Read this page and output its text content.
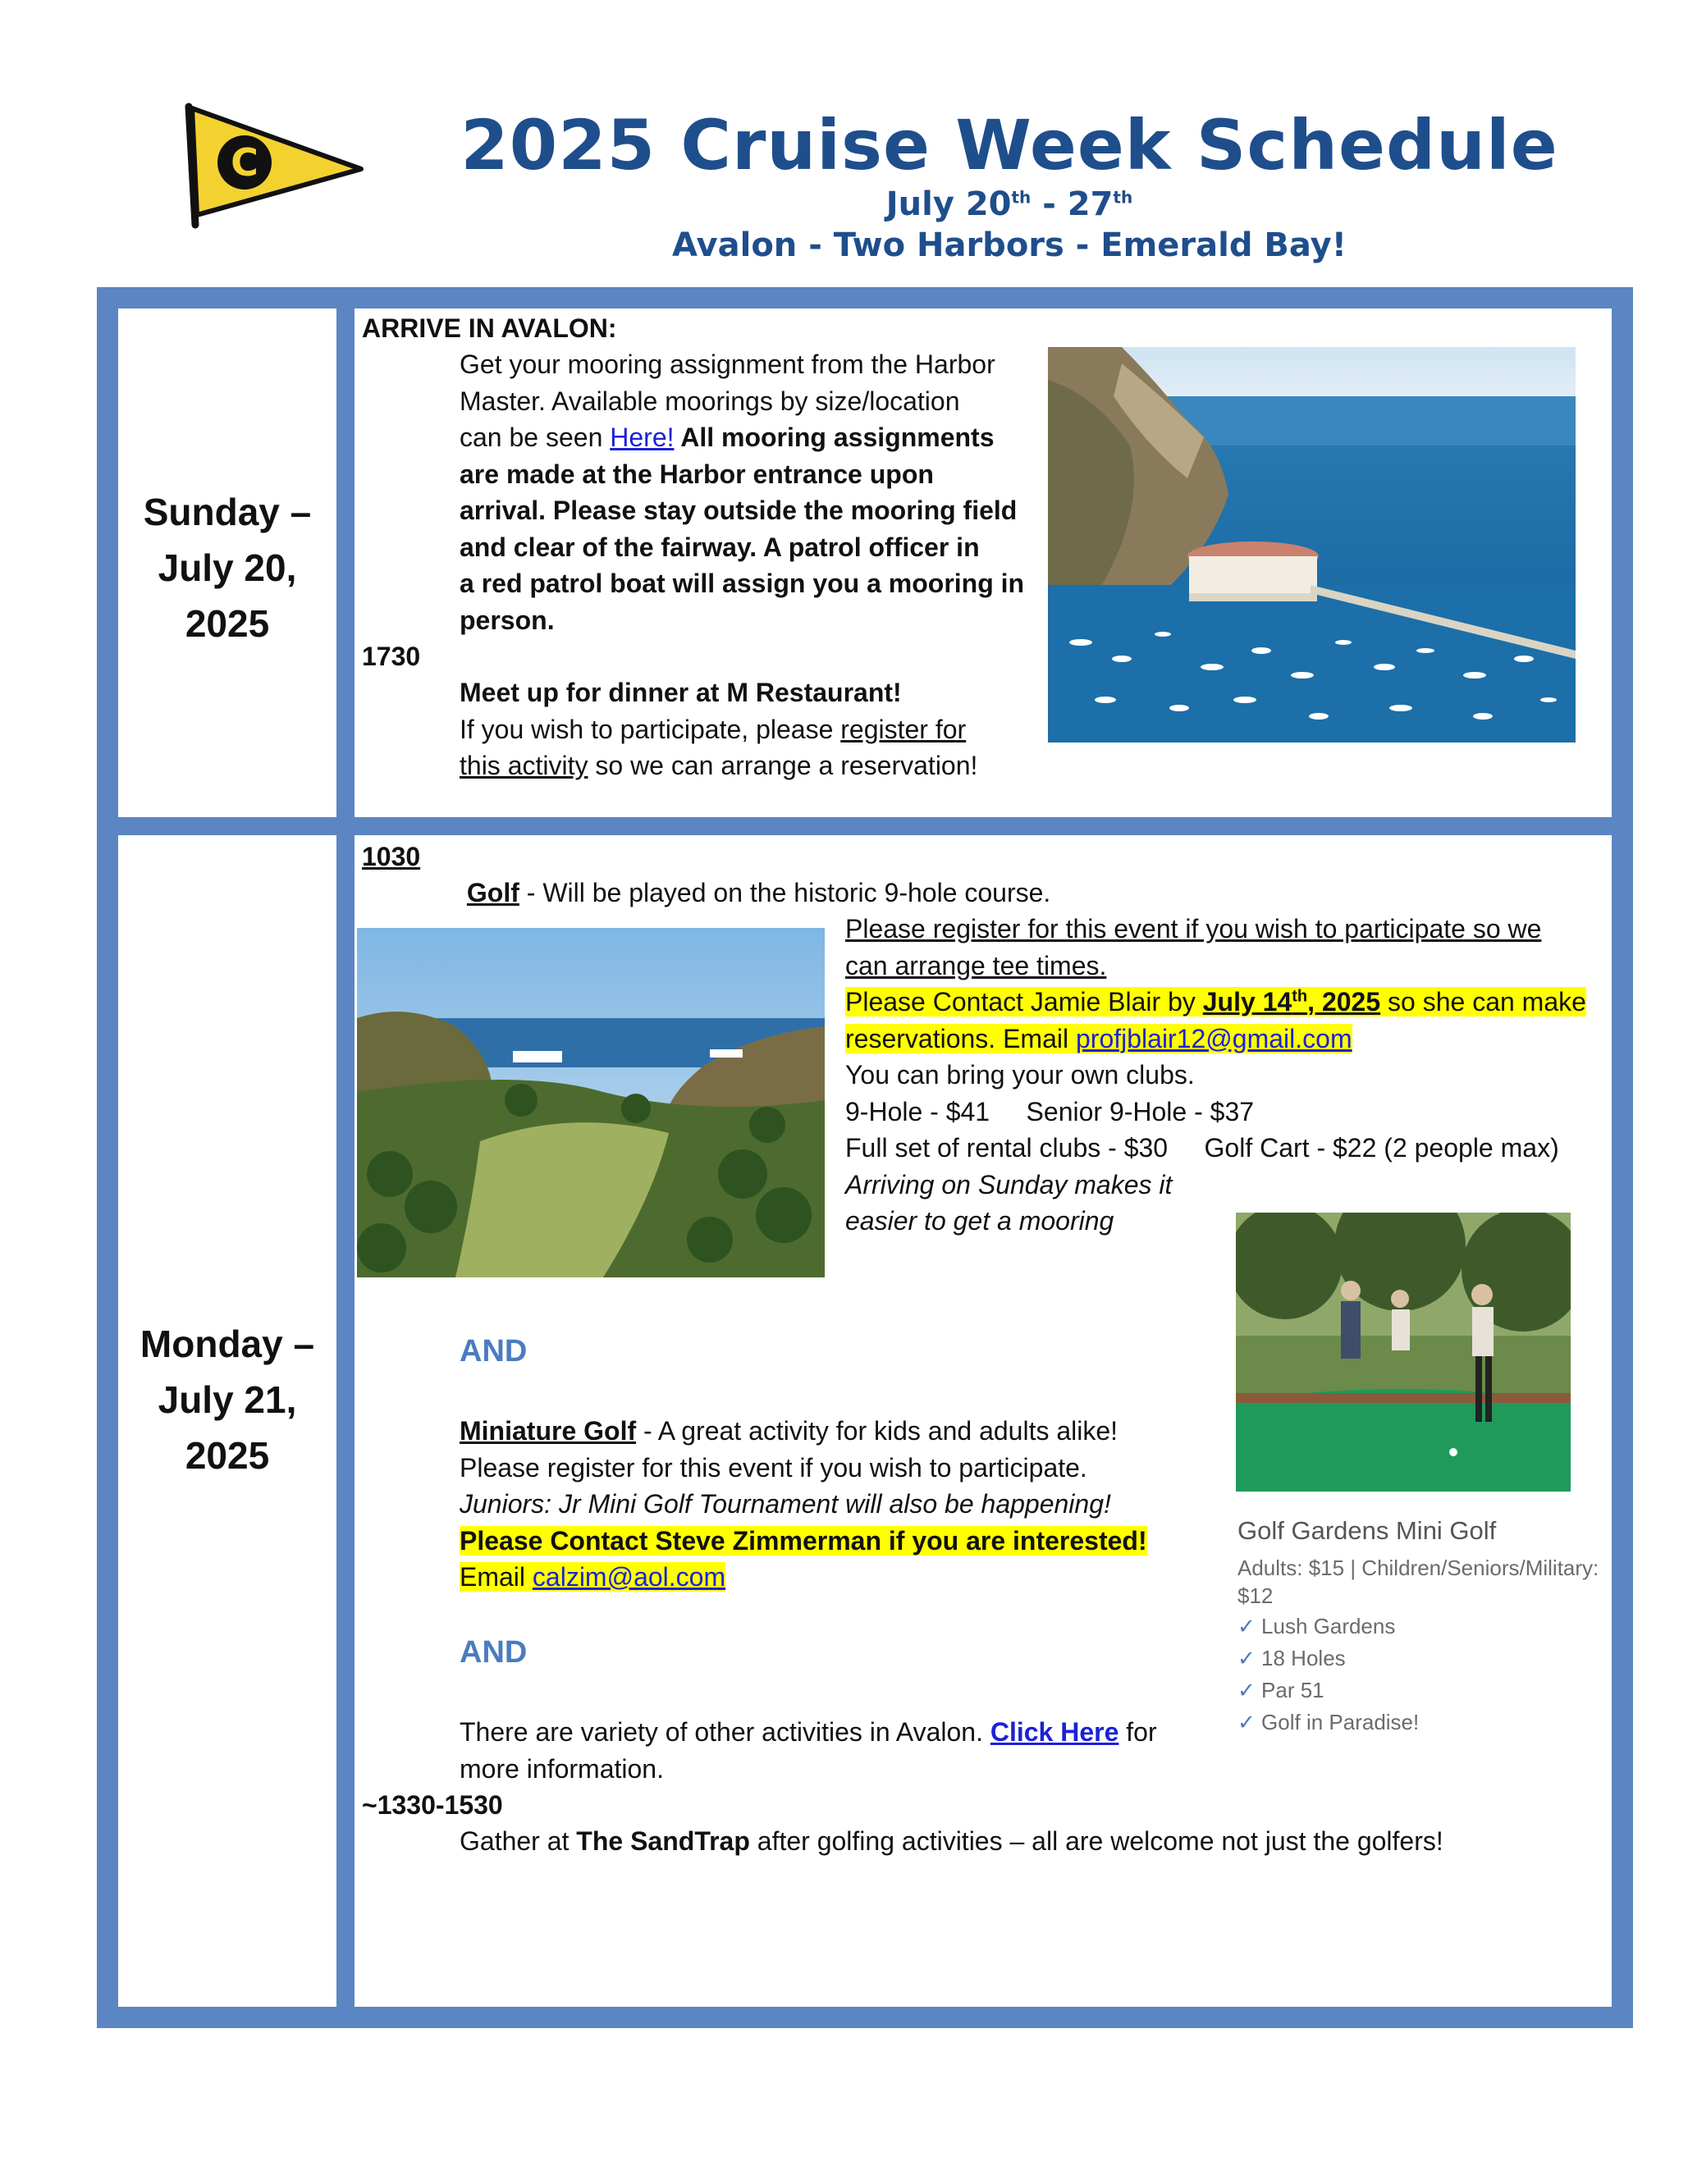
C	2025 Cruise Week Schedule
July 20th - 27th
Avalon - Two Harbors - Emerald Bay!
Sunday –
July 20,
2025
ARRIVE IN AVALON:
Get your mooring assignment from the Harbor
Master. Available moorings by size/location
can be seen Here! All mooring assignments
are made at the Harbor entrance upon
arrival. Please stay outside the mooring field
and clear of the fairway. A patrol officer in
a red patrol boat will assign you a mooring in
person.
1730
Meet up for dinner at M Restaurant!
If you wish to participate, please register for
this activity so we can arrange a reservation!
Monday –
July 21,
2025
1030
Golf - Will be played on the historic 9-hole course.
Please register for this event if you wish to participate so we
can arrange tee times.
Please Contact Jamie Blair by July 14th, 2025 so she can make
reservations. Email profjblair12@gmail.com
You can bring your own clubs.
9-Hole - $41     Senior 9-Hole - $37
Full set of rental clubs - $30     Golf Cart - $22 (2 people max)
Arriving on Sunday makes it
easier to get a mooring
AND
Miniature Golf - A great activity for kids and adults alike!
Please register for this event if you wish to participate.
Juniors: Jr Mini Golf Tournament will also be happening!
Please Contact Steve Zimmerman if you are interested!
Email calzim@aol.com
AND
There are variety of other activities in Avalon. Click Here for
more information.
~1330-1530
Gather at The SandTrap after golfing activities – all are welcome not just the golfers!
Golf Gardens Mini Golf
Adults: $15 | Children/Seniors/Military:
$12
✓ Lush Gardens
✓ 18 Holes
✓ Par 51
✓ Golf in Paradise!
